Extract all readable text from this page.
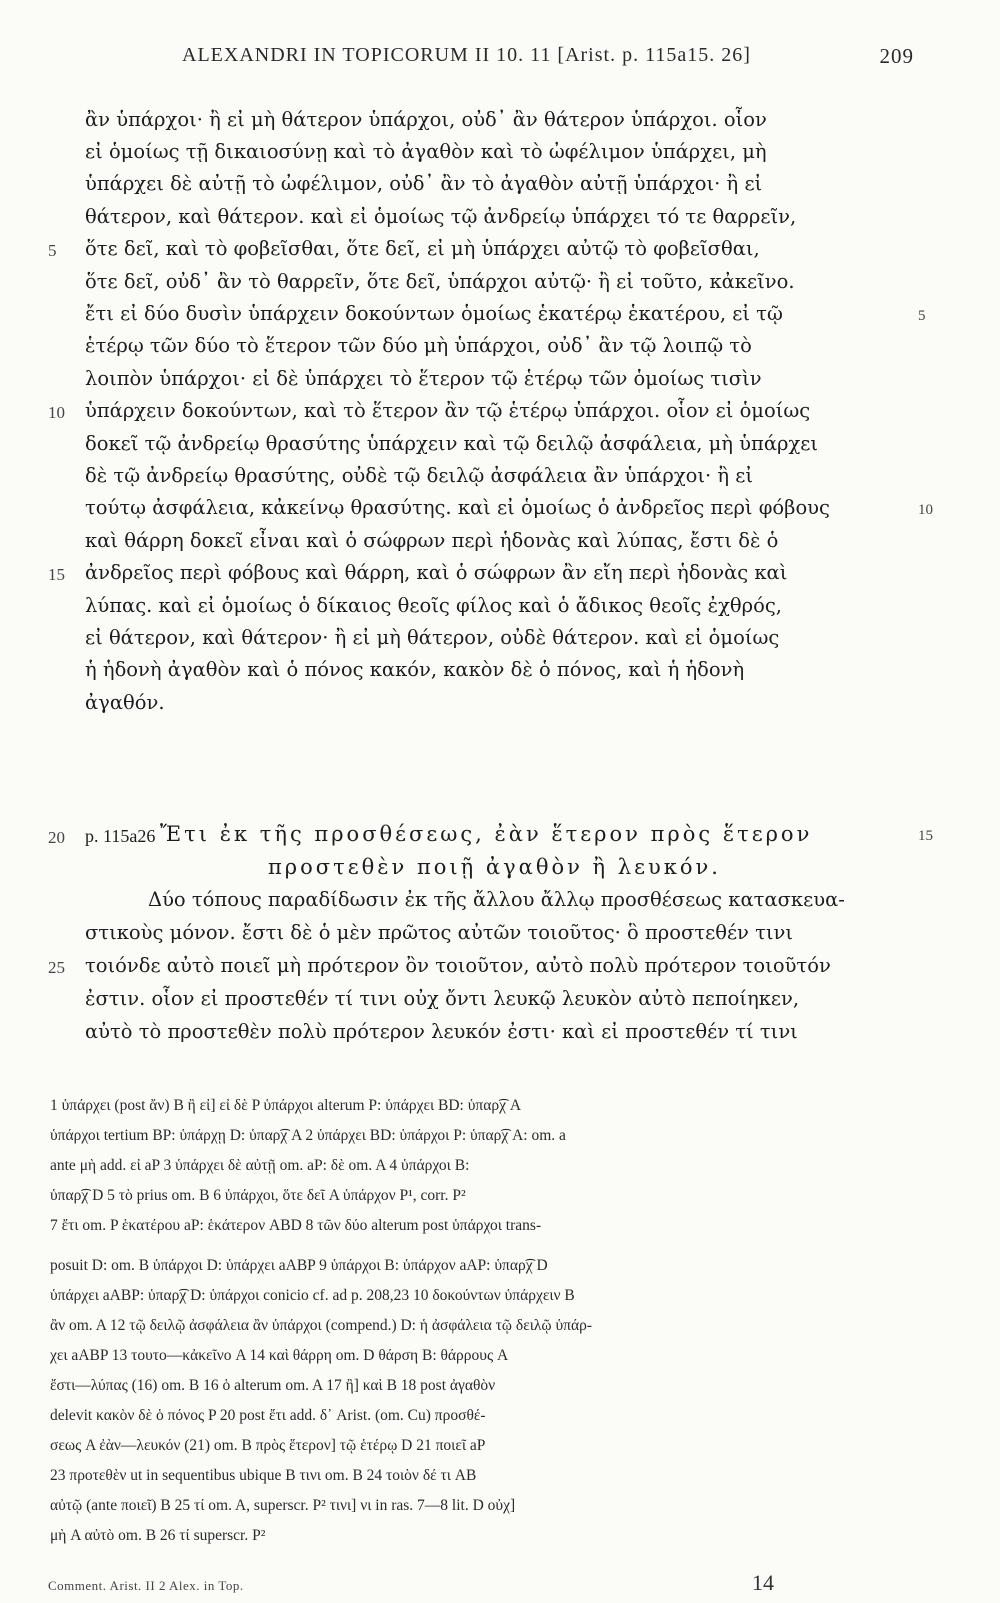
ALEXANDRI IN TOPICORUM II 10. 11 [Arist. p. 115a15. 26]	209
ἂν ὑπάρχοι· ἢ εἰ μὴ θάτερον ὑπάρχοι, οὐδ᾽ ἂν θάτερον ὑπάρχοι. οἷον
εἰ ὁμοίως τῇ δικαιοσύνῃ καὶ τὸ ἀγαθὸν καὶ τὸ ὠφέλιμον ὑπάρχει, μὴ
ὑπάρχει δὲ αὐτῇ τὸ ὠφέλιμον, οὐδ᾽ ἂν τὸ ἀγαθὸν αὐτῇ ὑπάρχοι· ἢ εἰ
θάτερον, καὶ θάτερον. καὶ εἰ ὁμοίως τῷ ἀνδρείῳ ὑπάρχει τό τε θαρρεῖν,
ὅτε δεῖ, καὶ τὸ φοβεῖσθαι, ὅτε δεῖ, εἰ μὴ ὑπάρχει αὐτῷ τὸ φοβεῖσθαι,
ὅτε δεῖ, οὐδ᾽ ἂν τὸ θαρρεῖν, ὅτε δεῖ, ὑπάρχοι αὐτῷ· ἢ εἰ τοῦτο, κἀκεῖνο.
ἔτι εἰ δύο δυσὶν ὑπάρχειν δοκούντων ὁμοίως ἑκατέρῳ ἑκατέρου, εἰ τῷ
ἑτέρῳ τῶν δύο τὸ ἕτερον τῶν δύο μὴ ὑπάρχοι, οὐδ᾽ ἂν τῷ λοιπῷ τὸ
λοιπὸν ὑπάρχοι· εἰ δὲ ὑπάρχει τὸ ἕτερον τῷ ἑτέρῳ τῶν ὁμοίως τισὶν
ὑπάρχειν δοκούντων, καὶ τὸ ἕτερον ἂν τῷ ἑτέρῳ ὑπάρχοι. οἷον εἰ ὁμοίως
δοκεῖ τῷ ἀνδρείῳ θρασύτης ὑπάρχειν καὶ τῷ δειλῷ ἀσφάλεια, μὴ ὑπάρχει
δὲ τῷ ἀνδρείῳ θρασύτης, οὐδὲ τῷ δειλῷ ἀσφάλεια ἂν ὑπάρχοι· ἢ εἰ
τούτῳ ἀσφάλεια, κἀκείνῳ θρασύτης. καὶ εἰ ὁμοίως ὁ ἀνδρεῖος περὶ φόβους
καὶ θάρρη δοκεῖ εἶναι καὶ ὁ σώφρων περὶ ἡδονὰς καὶ λύπας, ἔστι δὲ ὁ
ἀνδρεῖος περὶ φόβους καὶ θάρρη, καὶ ὁ σώφρων ἂν εἴη περὶ ἡδονὰς καὶ
λύπας. καὶ εἰ ὁμοίως ὁ δίκαιος θεοῖς φίλος καὶ ὁ ἄδικος θεοῖς ἐχθρός,
εἰ θάτερον, καὶ θάτερον· ἢ εἰ μὴ θάτερον, οὐδὲ θάτερον. καὶ εἰ ὁμοίως
ἡ ἡδονὴ ἀγαθὸν καὶ ὁ πόνος κακόν, κακὸν δὲ ὁ πόνος, καὶ ἡ ἡδονὴ
ἀγαθόν.
5
10
15
20
25
5
10
15
p. 115a26 Ἔτι ἐκ τῆς προσθέσεως, ἐὰν ἕτερον πρὸς ἕτερον
προστεθὲν ποιῇ ἀγαθὸν ἢ λευκόν.
Δύο τόπους παραδίδωσιν ἐκ τῆς ἄλλου ἄλλῳ προσθέσεως κατασκευα-
στικοὺς μόνον. ἔστι δὲ ὁ μὲν πρῶτος αὐτῶν τοιοῦτος· ὃ προστεθέν τινι
τοιόνδε αὐτὸ ποιεῖ μὴ πρότερον ὂν τοιοῦτον, αὐτὸ πολὺ πρότερον τοιοῦτόν
ἐστιν. οἷον εἰ προστεθέν τί τινι οὐχ ὄντι λευκῷ λευκὸν αὐτὸ πεποίηκεν,
αὐτὸ τὸ προστεθὲν πολὺ πρότερον λευκόν ἐστι· καὶ εἰ προστεθέν τί τινι
1 ὑπάρχει (post ἄν) B ἢ εἰ] εἰ δὲ P ὑπάρχοι alterum P: ὑπάρχει BD: ὑπαρ͡χ A
ὑπάρχοι tertium BP: ὑπάρχῃ D: ὑπαρ͡χ A 2 ὑπάρχει BD: ὑπάρχοι P: ὑπαρ͡χ A: om. a
ante μὴ add. εἰ aP 3 ὑπάρχει δὲ αὐτῇ om. aP: δὲ om. A 4 ὑπάρχοι B:
ὑπαρ͡χ D 5 τὸ prius om. B 6 ὑπάρχοι, ὅτε δεῖ A ὑπάρχον P¹, corr. P²
7 ἔτι om. P ἑκατέρου aP: ἑκάτερον ABD 8 τῶν δύο alterum post ὑπάρχοι trans-
posuit D: om. B ὑπάρχοι D: ὑπάρχει aABP 9 ὑπάρχοι B: ὑπάρχον aAP: ὑπαρ͡χ D
ὑπάρχει aABP: ὑπαρ͡χ D: ὑπάρχοι conicio cf. ad p. 208,23 10 δοκούντων ὑπάρχειν B
ἂν om. A 12 τῷ δειλῷ ἀσφάλεια ἂν ὑπάρχοι (compend.) D: ἡ ἀσφάλεια τῷ δειλῷ ὑπάρ-
χει aABP 13 τουτο—κἀκεῖνο A 14 καὶ θάρρη om. D θάρση B: θάρρους A
ἔστι—λύπας (16) om. B 16 ὁ alterum om. A 17 ἢ] καὶ B 18 post ἀγαθὸν
delevit κακὸν δὲ ὁ πόνος P 20 post ἔτι add. δ᾽ Arist. (om. Cu) προσθέ-
σεως A ἐὰν—λευκόν (21) om. B πρὸς ἕτερον] τῷ ἑτέρῳ D 21 ποιεῖ aP
23 προτεθὲν ut in sequentibus ubique B τινι om. B 24 τοιὸν δέ τι AB
αὐτῷ (ante ποιεῖ) B 25 τί om. A, superscr. P² τινι] νι in ras. 7—8 lit. D οὐχ]
μὴ A αὐτὸ om. B 26 τί superscr. P²
Comment. Arist. II 2 Alex. in Top.	14
